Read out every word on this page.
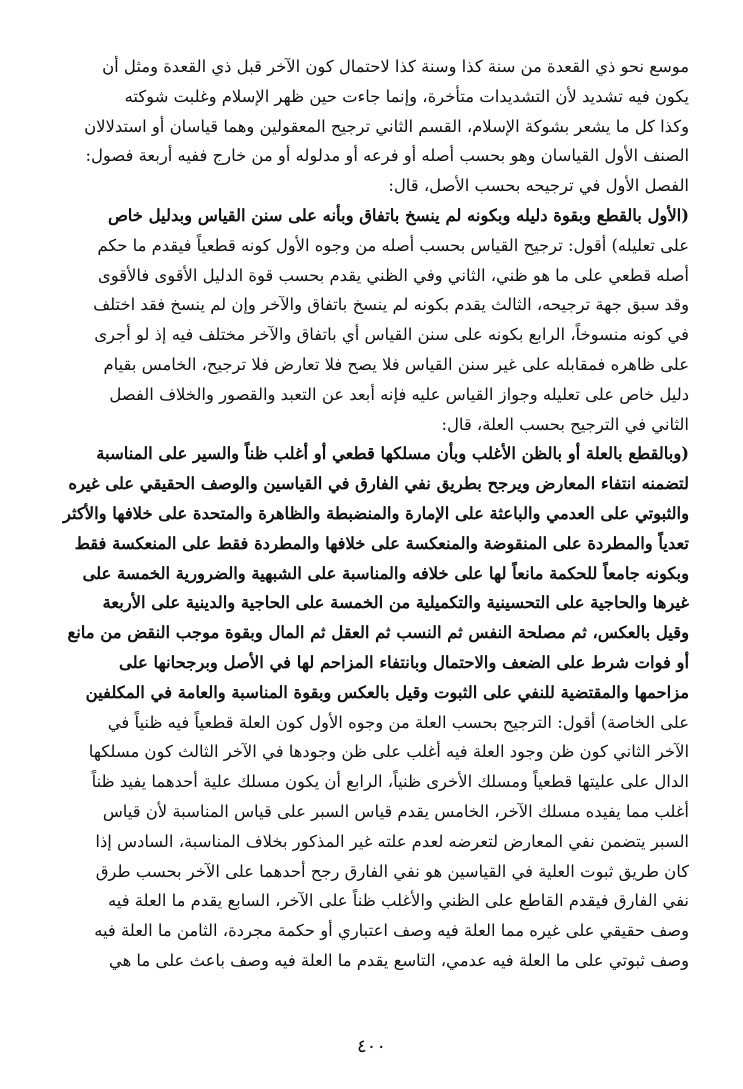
موسع نحو ذي القعدة من سنة كذا وسنة كذا لاحتمال كون الآخر قبل ذي القعدة ومثل أن
يكون فيه تشديد لأن التشديدات متأخرة، وإنما جاءت حين ظهر الإسلام وغلبت شوكته
وكذا كل ما يشعر بشوكة الإسلام، القسم الثاني ترجيح المعقولين وهما قياسان أو استدلالان
الصنف الأول القياسان وهو بحسب أصله أو فرعه أو مدلوله أو من خارج ففيه أربعة فصول:
الفصل الأول في ترجيحه بحسب الأصل، قال:
(الأول بالقطع وبقوة دليله وبكونه لم ينسخ باتفاق وبأنه على سنن القياس وبدليل خاص
على تعليله) أقول: ترجيح القياس بحسب أصله من وجوه الأول كونه قطعياً فيقدم ما حكم
أصله قطعي على ما هو ظني، الثاني وفي الظني يقدم بحسب قوة الدليل الأقوى فالأقوى
وقد سبق جهة ترجيحه، الثالث يقدم بكونه لم ينسخ باتفاق والآخر وإن لم ينسخ فقد اختلف
في كونه منسوخاً، الرابع بكونه على سنن القياس أي باتفاق والآخر مختلف فيه إذ لو أجرى
على ظاهره فمقابله على غير سنن القياس فلا يصح فلا تعارض فلا ترجيح، الخامس بقيام
دليل خاص على تعليله وجواز القياس عليه فإنه أبعد عن التعبد والقصور والخلاف الفصل
الثاني في الترجيح بحسب العلة، قال:
(وبالقطع بالعلة أو بالظن الأغلب وبأن مسلكها قطعي أو أغلب ظناً والسير على المناسبة
لتضمنه انتفاء المعارض ويرجح بطريق نفي الفارق في القياسين والوصف الحقيقي على غيره
والثبوتي على العدمي والباعثة على الإمارة والمنضبطة والظاهرة والمتحدة على خلافها والأكثر
تعدياً والمطردة على المنقوضة والمنعكسة على خلافها والمطردة فقط على المنعكسة فقط
وبكونه جامعاً للحكمة مانعاً لها على خلافه والمناسبة على الشبهية والضرورية الخمسة على
غيرها والحاجية على التحسينية والتكميلية من الخمسة على الحاجية والدينية على الأربعة
وقيل بالعكس، ثم مصلحة النفس ثم النسب ثم العقل ثم المال وبقوة موجب النقض من مانع
أو فوات شرط على الضعف والاحتمال وبانتفاء المزاحم لها في الأصل وبرجحانها على
مزاحمها والمقتضية للنفي على الثبوت وقيل بالعكس وبقوة المناسبة والعامة في المكلفين
على الخاصة) أقول: الترجيح بحسب العلة من وجوه الأول كون العلة قطعياً فيه ظنياً في
الآخر الثاني كون ظن وجود العلة فيه أغلب على ظن وجودها في الآخر الثالث كون مسلكها
الدال على عليتها قطعياً ومسلك الأخرى ظنياً، الرابع أن يكون مسلك علية أحدهما يفيد ظناً
أغلب مما يفيده مسلك الآخر، الخامس يقدم قياس السبر على قياس المناسبة لأن قياس
السبر يتضمن نفي المعارض لتعرضه لعدم علته غير المذكور بخلاف المناسبة، السادس إذا
كان طريق ثبوت العلية في القياسين هو نفي الفارق رجح أحدهما على الآخر بحسب طرق
نفي الفارق فيقدم القاطع على الظني والأغلب ظناً على الآخر، السابع يقدم ما العلة فيه
وصف حقيقي على غيره مما العلة فيه وصف اعتباري أو حكمة مجردة، الثامن ما العلة فيه
وصف ثبوتي على ما العلة فيه عدمي، التاسع يقدم ما العلة فيه وصف باعث على ما هي
٤٠٠
